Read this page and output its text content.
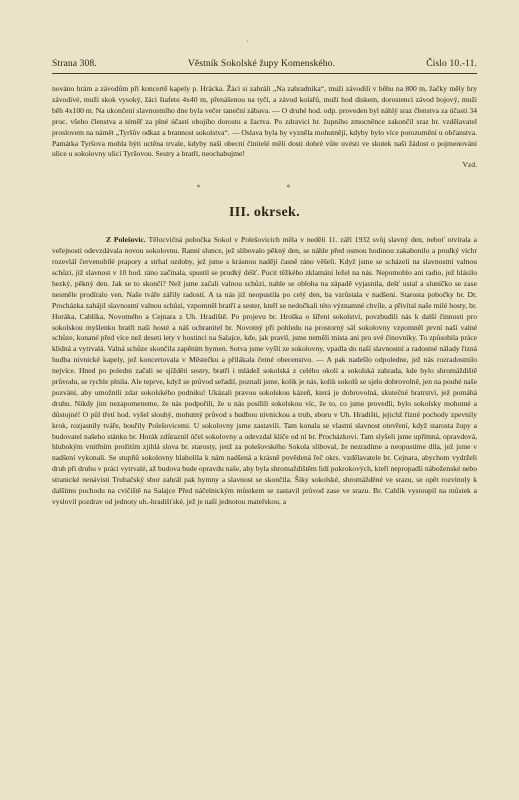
·
Strana 308.	Věstník Sokolské župy Komenského.	Číslo 10.-11.

nováno hrám a závodům při koncertě kapely p. Hrácka. Žáci si zahráli „Na zahradníka“, muži závodili v běhu na 800 m, žačky měly hry závodivé, muži skok vysoký, žáci štafetu 4x40 m, přenášenou na tyči, a závod kolařů, muži hod diskem, dorostenci závod bojový, muži běh 4x100 m. Na ukončení slavnostního dne byla večer taneční zábava. — O druhé hod. odp. proveden byl náhlý sraz členstva za účasti 34 proc. všeho členstva a téměř za plné účasti obojího dorostu a žactva. Po zdravici br. župního zmocněnce zakončil sraz br. vzdělavatel proslovem na námět „Tyršův odkaz a brannost sokolstva“. — Oslava byla by vyzněla mohutněji, kdyby bylo více porozumění u občanstva. Památka Tyršova mohla býti uctěna trvale, kdyby naši obecní činitelé měli dosti dobré vůle uvésti ve skutek naši žádost o pojmenování ulice u sokolovny ulicí Tyršovou. Sestry a bratři, neochabujme!
Vzd.

* *
III. okrsek.

Z Polešovic. Tělocvičná pobočka Sokol v Polešovicích měla v neděli 11. září 1932 svůj slavný den, neboť otvírala a veřejnosti odevzdávala novou sokolovnu. Ranní slunce, jež slibovalo pěkný den, se náhle před osmou hodinou zakabonilo a prudký vichr rozevlál červenobílé prapory a strhal ozdoby, jež jsme s krásnou nadějí časně ráno věšeli. Když jsme se scházeli na slavnostní valnou schůzi, jíž slavnost v 10 hod. ráno začínala, spustil se prudký déšť. Pocit těžkého zklamání ležel na nás. Nepomohlo ani radio, jež hlásilo hezký, pěkný den. Jak se to skončí? Než jsme začali valnou schůzi, nahle se obloha na západě vyjasnila, dešť ustal a sluníčko se zase nesměle prodíralo ven. Naše tváře zářily radostí. A ta nás již neopustila po celý den, ba vzrůstala v nadšení. Starosta pobočky br. Dr. Procházka zahájil slavnostní valnou schůzi, vzpomněl bratří a sester, kteří se nedočkali této významné chvíle, a přivítal naše milé hosty, br. Horáka, Cablíka, Novotného a Cejnara z Uh. Hradiště. Po projevu br. Hroška o šíření sokolství, povzbudili nás k další činnosti pro sokolskou myšlenku bratři naši hosté a náš ochranitel br. Novotný při pohledu na prostorný sál sokolovny vzpomněl první naší valné schůze, konané před více než deseti lety v hostinci na Salajce, kde, jak pravil, jsme neměli místa ani pro své činovníky. To způsobila práce klidná a vytrvalá. Valná schůze skončila zapěním hymen. Sotva jsme vyšli ze sokolovny, vpadla do naší slavnostní a radostné nálady řízná hudba nivnické kapely, jež koncertovala v Městečku a přilákala četné obecenstvo. — A pak nadešlo odpoledne, jež nás rozradostnilo nejvíce. Hned po poledni začali se sjížděti sestry, bratři i mládež sokolská z celého okolí a sokolská zahrada, kde bylo shromáždiště průvodu, se rychle plnila. Ale teprve, když se průvod seřadil, poznali jsme, kolik je nás, kolik sokolů se sjelo dobrovolně, jen na pouhé naše pozvání, aby umožnili zdar sokolského podniku! Ukázali pravou sokolskou kázeň, která je dobrovolná, skutečné bratrství, jež pomáhá druhu. Nikdy jim nezapomeneme, že nás podpořili, že u nás posílili sokolskou víc, že to, co jsme provedli, bylo sokolsky mohutné a důstojné! O půl třetí hod. vyšel slouhý, mohutný průvod s hudbou nivnickou a trub, sboru v Uh. Hradišti, jejichž řízné pochody zpevnily krok, rozjasnily tváře, bouřily Polešovicemi. U sokolovny jsme zastavili. Tam konala se vlastní slavnost otevření, když starosta župy a budovatel našeho stánku br. Horák zdůraznil účel sokolovny a odevzdal klíče od ní br. Procházkovi. Tam slyšeli jsme upřímná, opravdová, hlubokým vnitřním prožitím zjihlá slova br. starosty, jenž za polešovského Sokola sliboval, že nezradíme a neopustíme díla, jež jsme v nadšení vykonali. Se stupňů sokolovny hlaholila k nám nadšená a krásně povědená řeč okrs. vzdělavatele br. Cejnara, abychom vydrželi druh při druhu v práci vytrvalé, až budova bude opravdu naše, aby byla shromaždištěm lidí pokrokových, kteří nepropadli náboženské nebo stranické nenávisti Trubačský sbor zahrál pak hymny a slavnost se skončila. Šiky sokolské, shromážděné ve srazu, se opět rozvinuly k dalšímu pochodu na cvičiště na Salajce Před náčelnickým můstkem se zastavil průvod zase ve srazu. Br. Cablík vystoupil na můstek a vyslovil pozdrav od jednoty uh.-hradišťské, jež je naší jednotou mateřskou, a
